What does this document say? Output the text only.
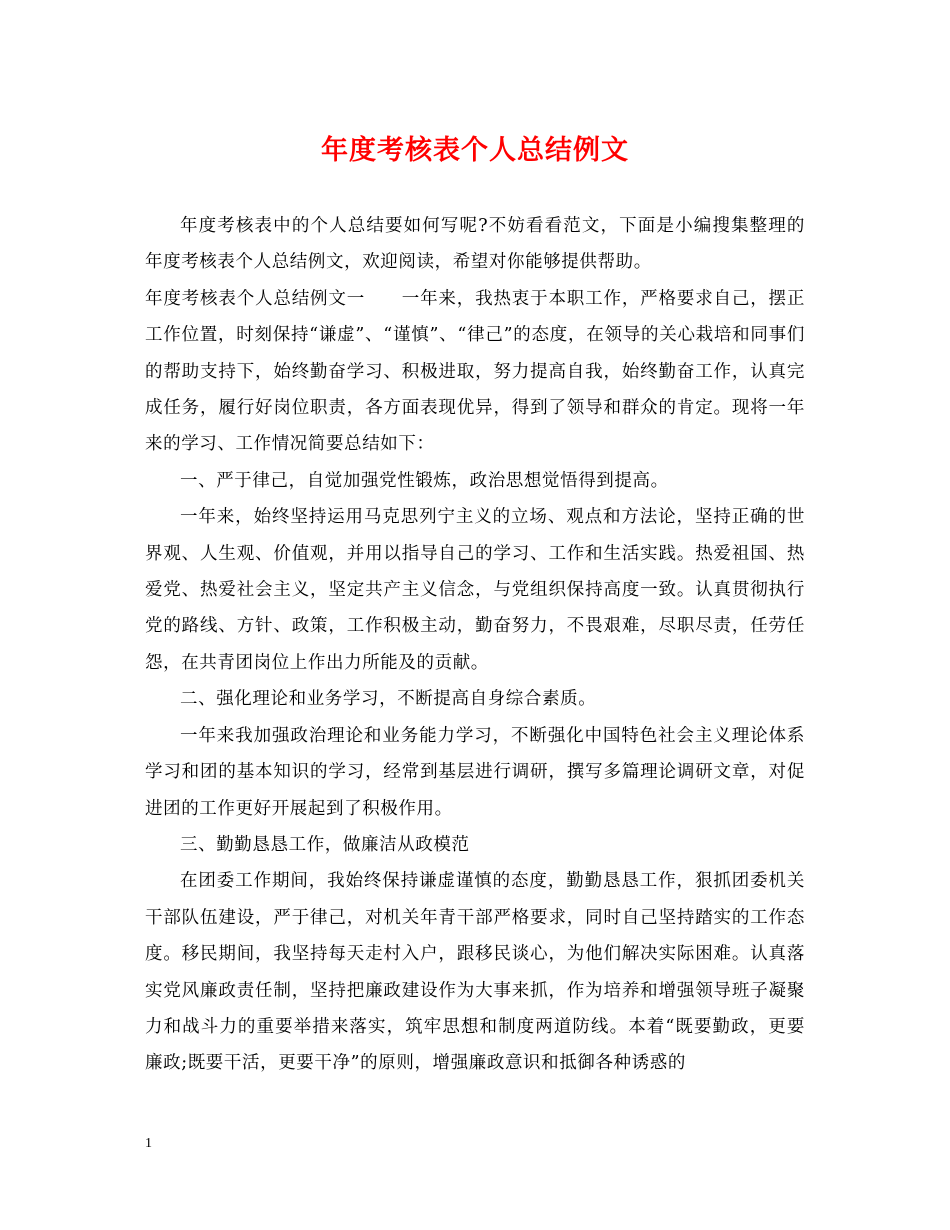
年度考核表个人总结例文

年度考核表中的个人总结要如何写呢?不妨看看范文，下面是小编搜集整理的年度考核表个人总结例文，欢迎阅读，希望对你能够提供帮助。

年度考核表个人总结例文一　　一年来，我热衷于本职工作，严格要求自己，摆正工作位置，时刻保持“谦虚”、“谨慎”、“律己”的态度，在领导的关心栽培和同事们的帮助支持下，始终勤奋学习、积极进取，努力提高自我，始终勤奋工作，认真完成任务，履行好岗位职责，各方面表现优异，得到了领导和群众的肯定。现将一年来的学习、工作情况简要总结如下：

一、严于律己，自觉加强党性锻炼，政治思想觉悟得到提高。

一年来，始终坚持运用马克思列宁主义的立场、观点和方法论，坚持正确的世界观、人生观、价值观，并用以指导自己的学习、工作和生活实践。热爱祖国、热爱党、热爱社会主义，坚定共产主义信念，与党组织保持高度一致。认真贯彻执行党的路线、方针、政策，工作积极主动，勤奋努力，不畏艰难，尽职尽责，任劳任怨，在共青团岗位上作出力所能及的贡献。

二、强化理论和业务学习，不断提高自身综合素质。

一年来我加强政治理论和业务能力学习，不断强化中国特色社会主义理论体系学习和团的基本知识的学习，经常到基层进行调研，撰写多篇理论调研文章，对促进团的工作更好开展起到了积极作用。

三、勤勤恳恳工作，做廉洁从政模范

在团委工作期间，我始终保持谦虚谨慎的态度，勤勤恳恳工作，狠抓团委机关干部队伍建设，严于律己，对机关年青干部严格要求，同时自己坚持踏实的工作态度。移民期间，我坚持每天走村入户，跟移民谈心，为他们解决实际困难。认真落实党风廉政责任制，坚持把廉政建设作为大事来抓，作为培养和增强领导班子凝聚力和战斗力的重要举措来落实，筑牢思想和制度两道防线。本着“既要勤政，更要廉政;既要干活，更要干净”的原则，增强廉政意识和抵御各种诱惑的

1
